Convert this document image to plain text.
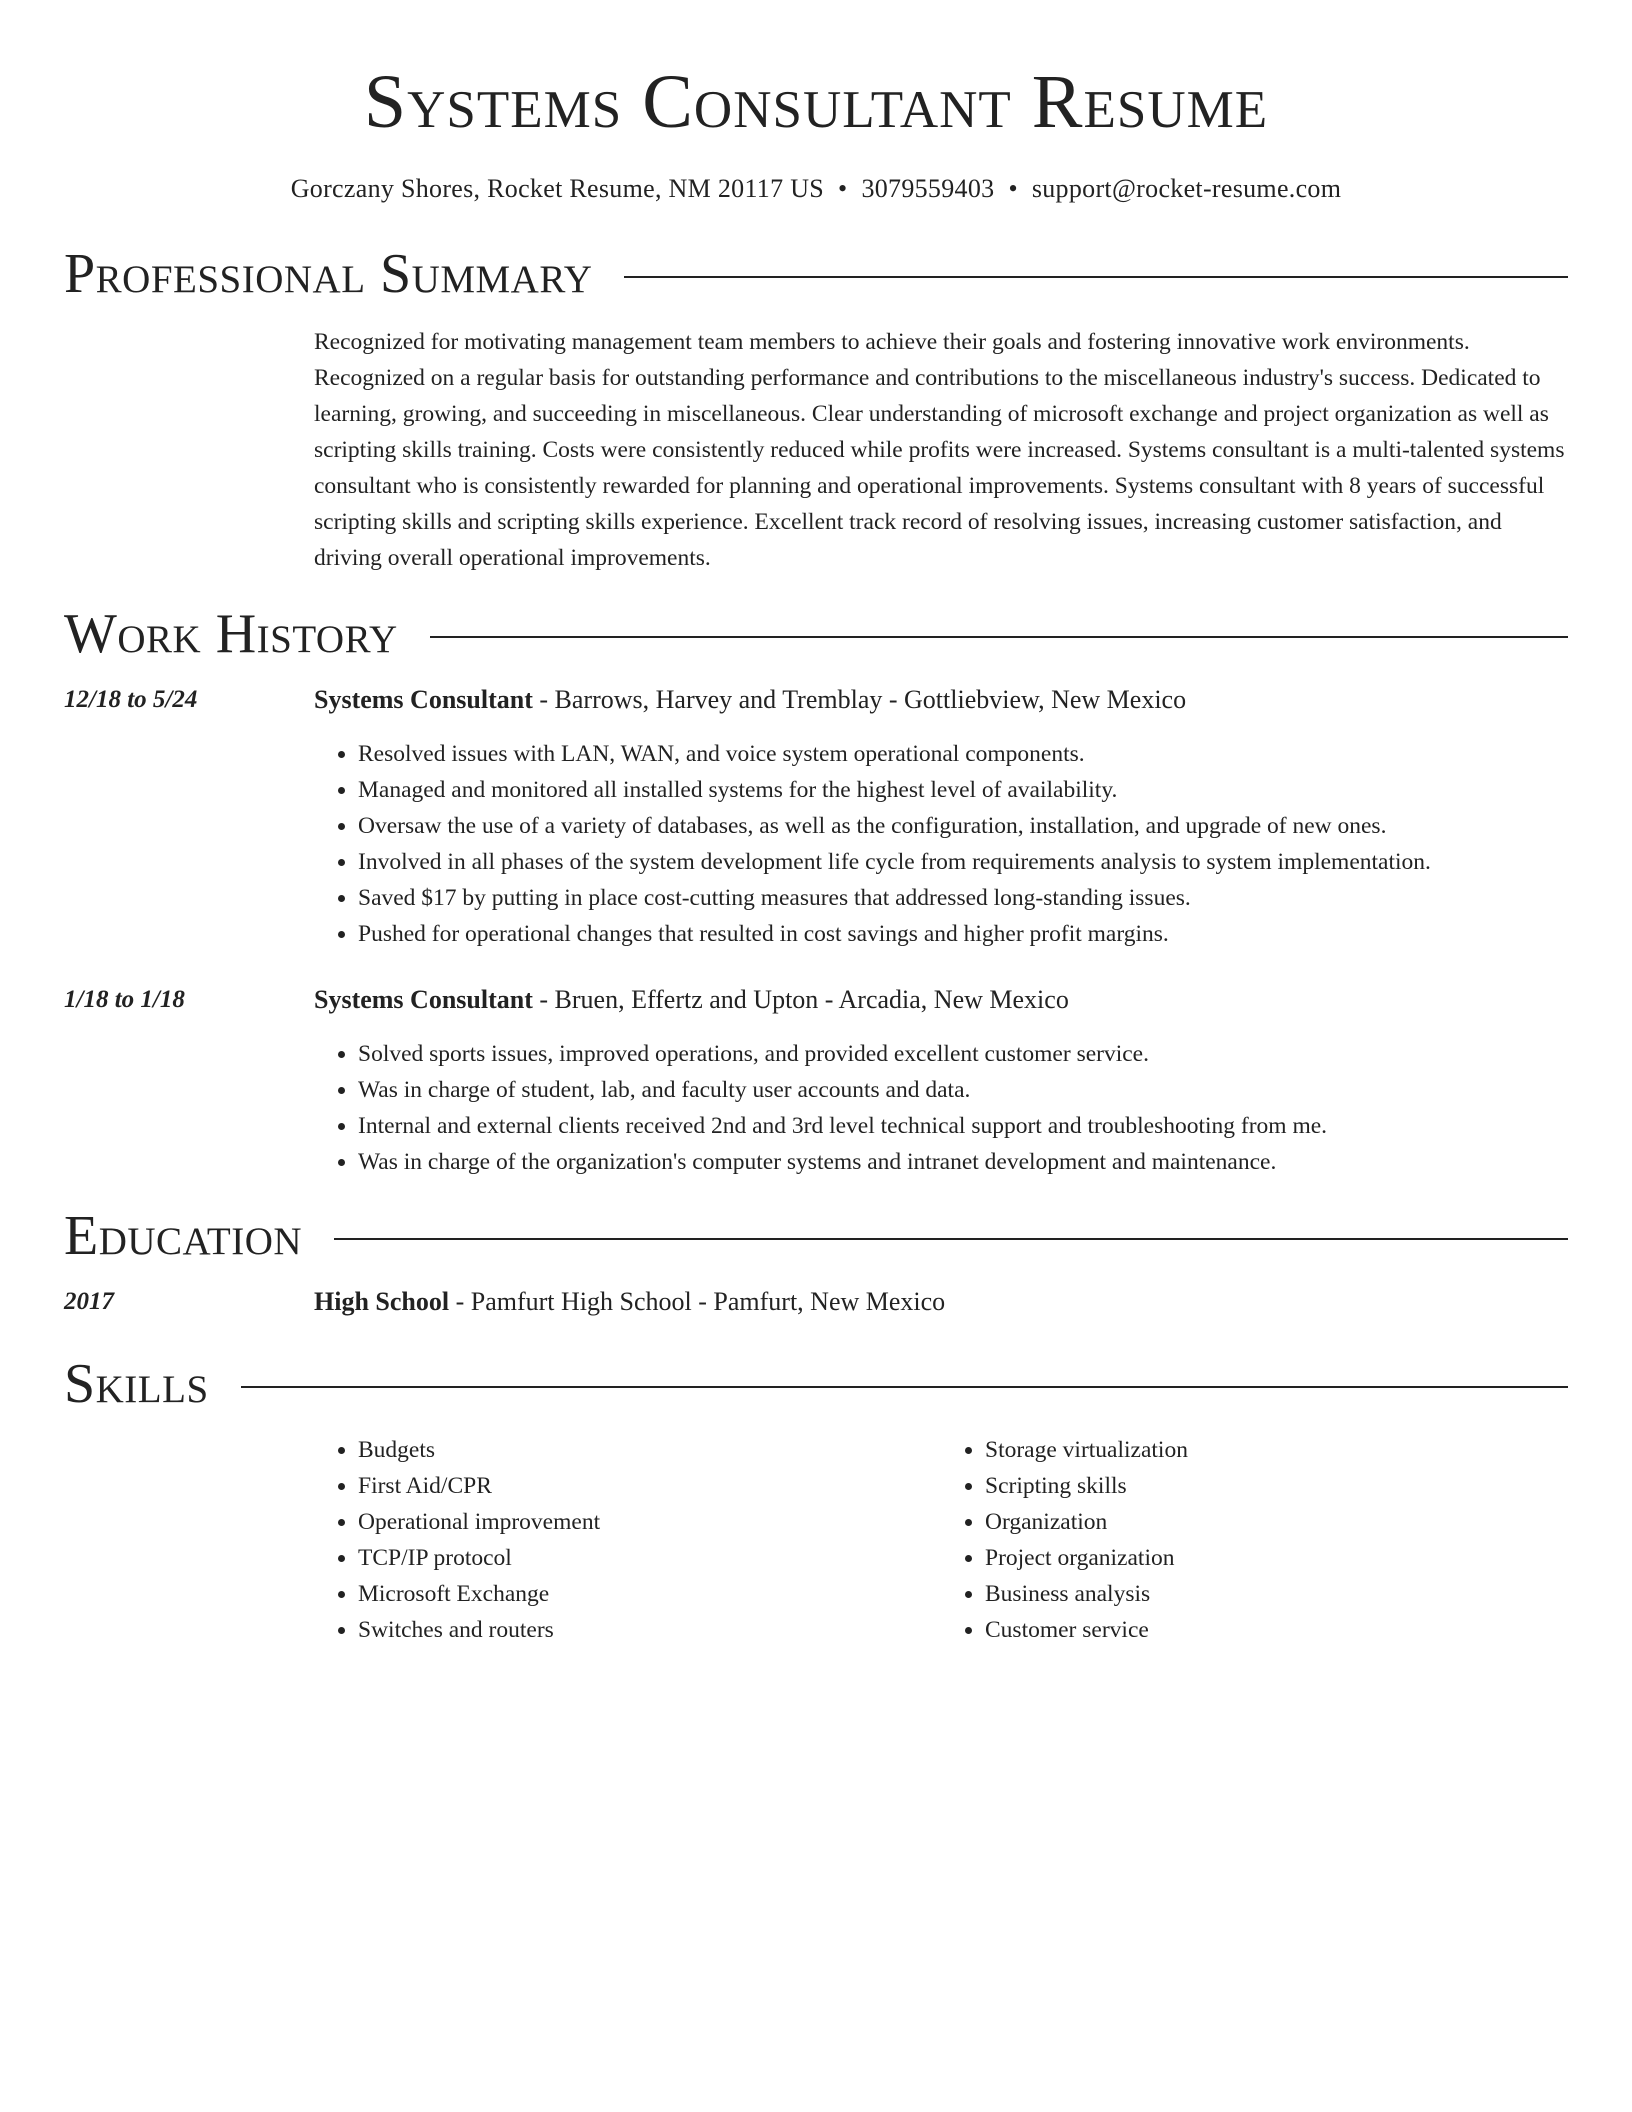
Systems Consultant Resume
Gorczany Shores, Rocket Resume, NM 20117 US • 3079559403 • support@rocket-resume.com
Professional Summary
Recognized for motivating management team members to achieve their goals and fostering innovative work environments. Recognized on a regular basis for outstanding performance and contributions to the miscellaneous industry's success. Dedicated to learning, growing, and succeeding in miscellaneous. Clear understanding of microsoft exchange and project organization as well as scripting skills training. Costs were consistently reduced while profits were increased. Systems consultant is a multi-talented systems consultant who is consistently rewarded for planning and operational improvements. Systems consultant with 8 years of successful scripting skills and scripting skills experience. Excellent track record of resolving issues, increasing customer satisfaction, and driving overall operational improvements.
Work History
12/18 to 5/24	Systems Consultant - Barrows, Harvey and Tremblay - Gottliebview, New Mexico
• Resolved issues with LAN, WAN, and voice system operational components.
• Managed and monitored all installed systems for the highest level of availability.
• Oversaw the use of a variety of databases, as well as the configuration, installation, and upgrade of new ones.
• Involved in all phases of the system development life cycle from requirements analysis to system implementation.
• Saved $17 by putting in place cost-cutting measures that addressed long-standing issues.
• Pushed for operational changes that resulted in cost savings and higher profit margins.
1/18 to 1/18	Systems Consultant - Bruen, Effertz and Upton - Arcadia, New Mexico
• Solved sports issues, improved operations, and provided excellent customer service.
• Was in charge of student, lab, and faculty user accounts and data.
• Internal and external clients received 2nd and 3rd level technical support and troubleshooting from me.
• Was in charge of the organization's computer systems and intranet development and maintenance.
Education
2017	High School - Pamfurt High School - Pamfurt, New Mexico
Skills
• Budgets
• First Aid/CPR
• Operational improvement
• TCP/IP protocol
• Microsoft Exchange
• Switches and routers
• Storage virtualization
• Scripting skills
• Organization
• Project organization
• Business analysis
• Customer service
